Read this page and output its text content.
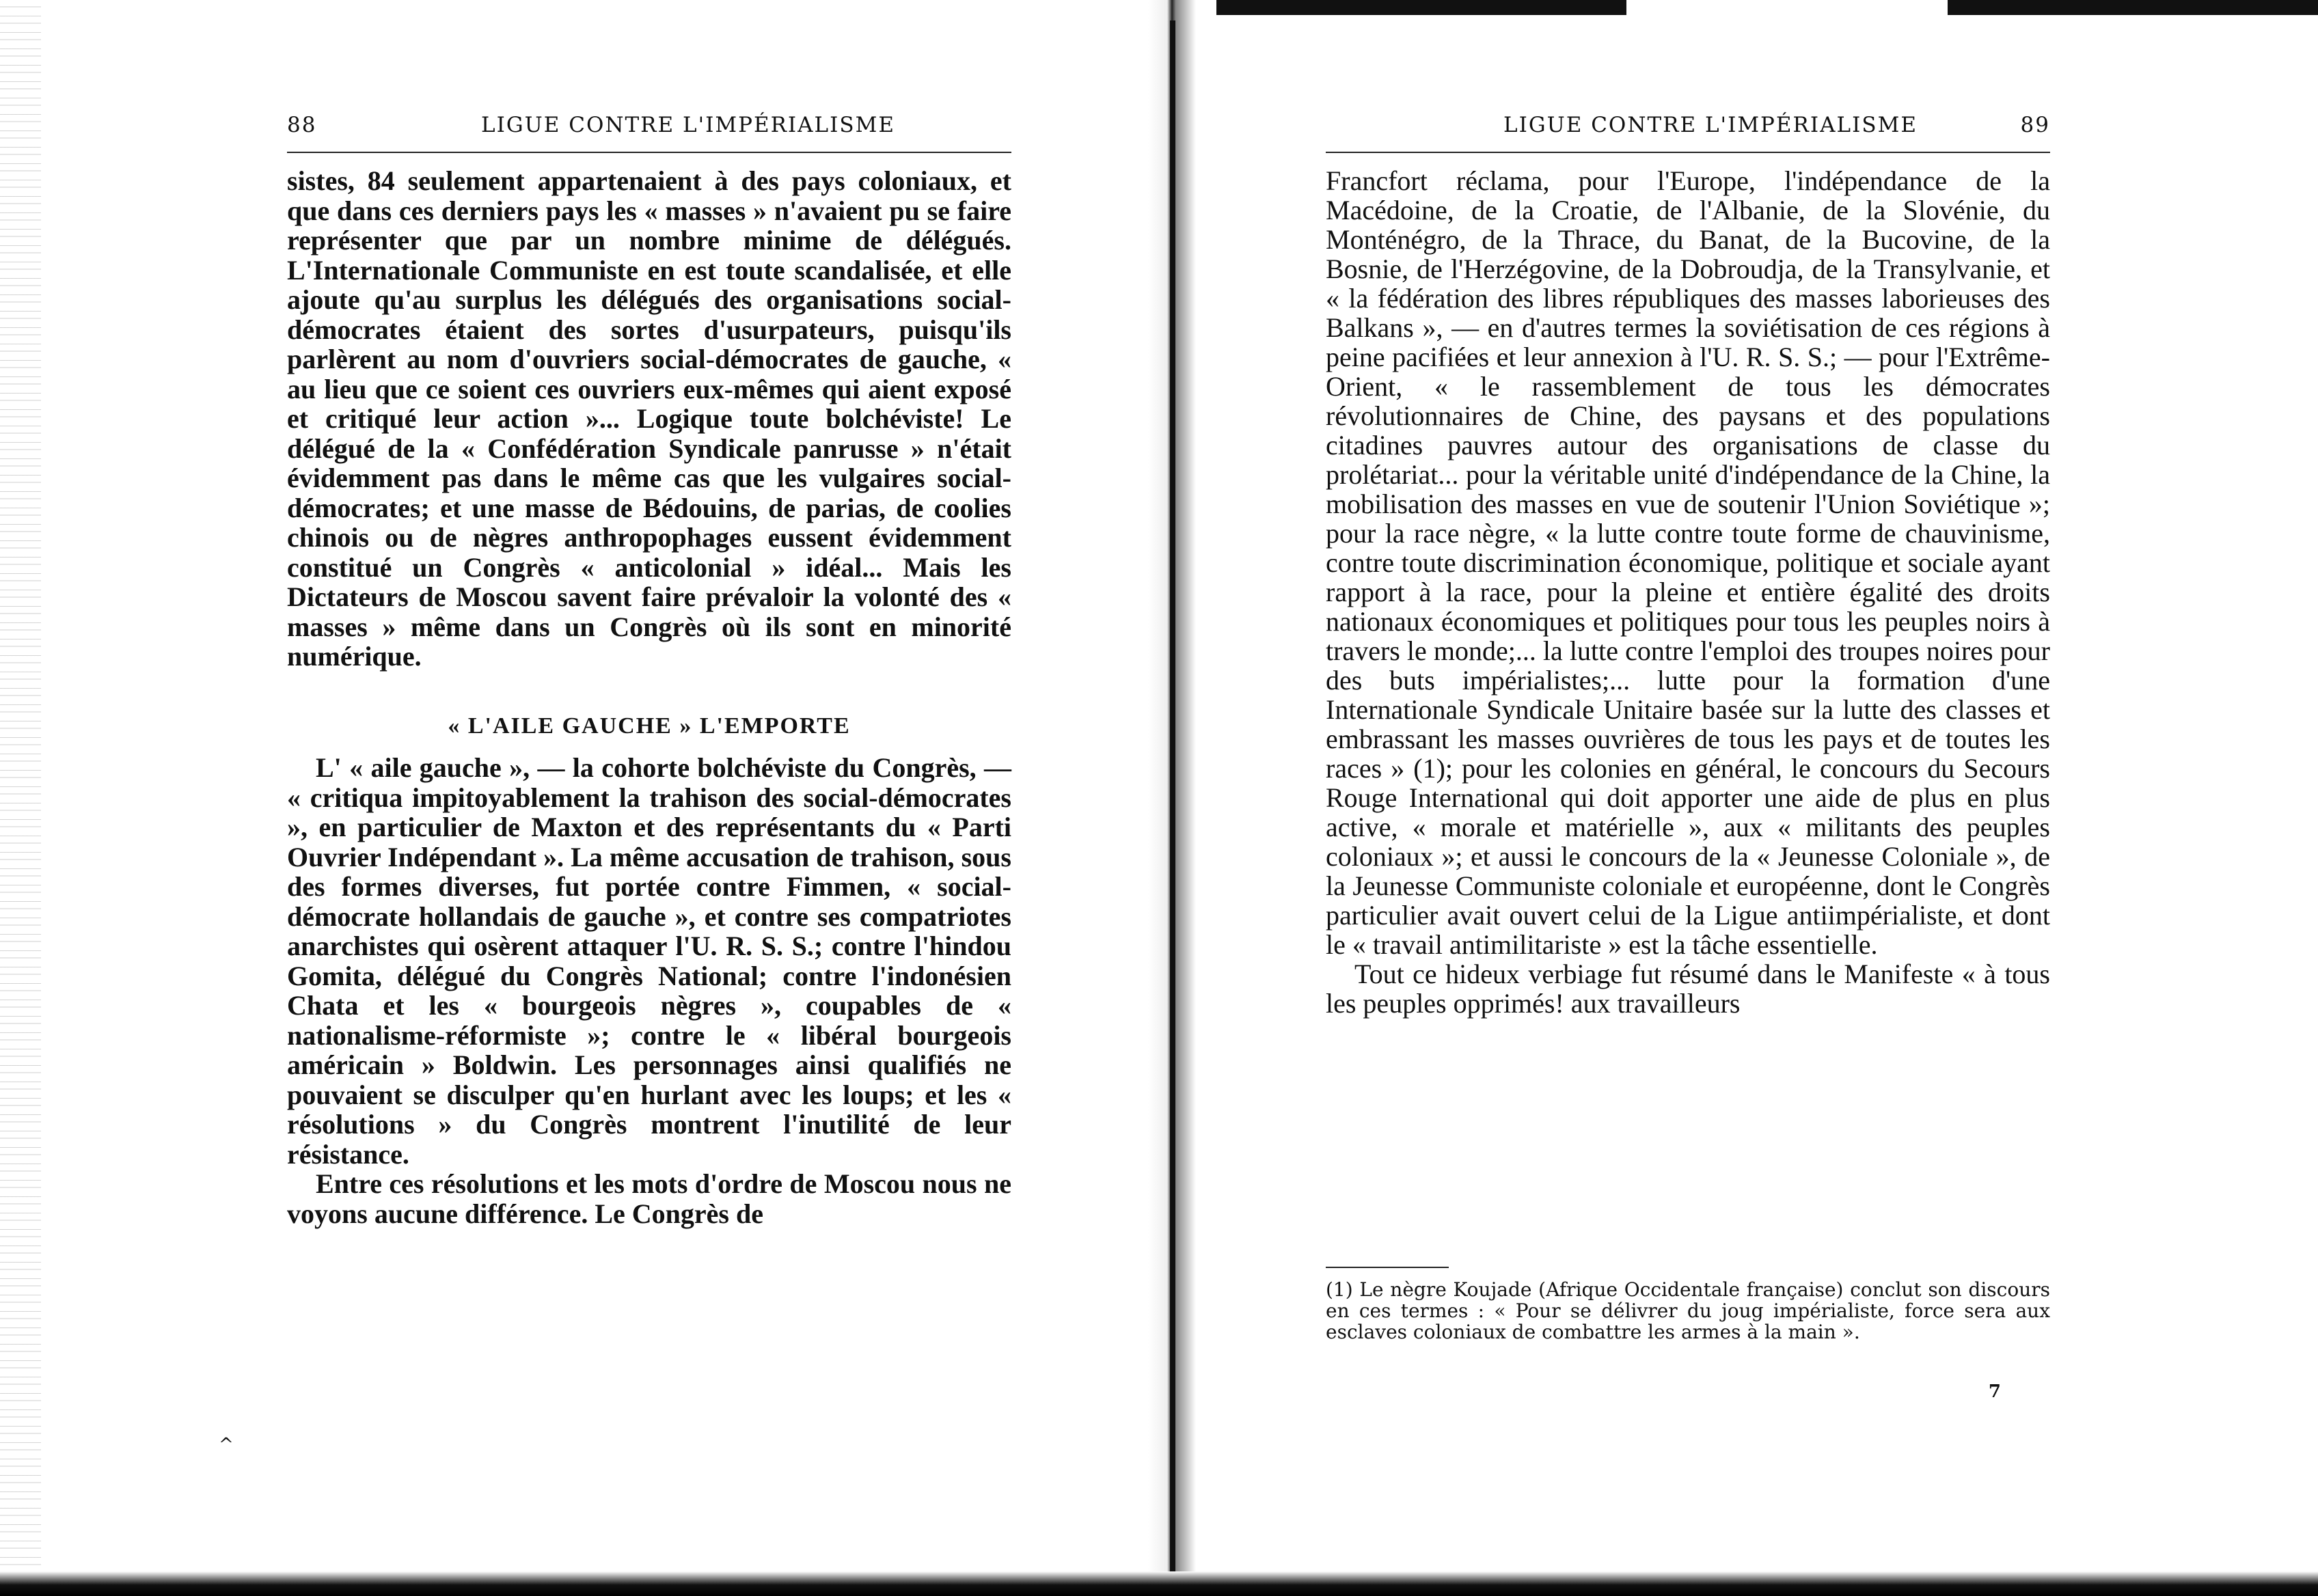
88	LIGUE CONTRE L'IMPÉRIALISME

sistes, 84 seulement appartenaient à des pays coloniaux, et que dans ces derniers pays les « masses » n'avaient pu se faire représenter que par un nombre minime de délégués. L'Internationale Communiste en est toute scandalisée, et elle ajoute qu'au surplus les délégués des organisations social-démocrates étaient des sortes d'usurpateurs, puisqu'ils parlèrent au nom d'ouvriers social-démocrates de gauche, « au lieu que ce soient ces ouvriers eux-mêmes qui aient exposé et critiqué leur action »... Logique toute bolchéviste! Le délégué de la « Confédération Syndicale panrusse » n'était évidemment pas dans le même cas que les vulgaires social-démocrates; et une masse de Bédouins, de parias, de coolies chinois ou de nègres anthropophages eussent évidemment constitué un Congrès « anticolonial » idéal... Mais les Dictateurs de Moscou savent faire prévaloir la volonté des « masses » même dans un Congrès où ils sont en minorité numérique.

« L'AILE GAUCHE » L'EMPORTE

L' « aile gauche », — la cohorte bolchéviste du Congrès, — « critiqua impitoyablement la trahison des social-démocrates », en particulier de Maxton et des représentants du « Parti Ouvrier Indépendant ». La même accusation de trahison, sous des formes diverses, fut portée contre Fimmen, « social-démocrate hollandais de gauche », et contre ses compatriotes anarchistes qui osèrent attaquer l'U. R. S. S.; contre l'hindou Gomita, délégué du Congrès National; contre l'indonésien Chata et les « bourgeois nègres », coupables de « nationalisme-réformiste »; contre le « libéral bourgeois américain » Boldwin. Les personnages ainsi qualifiés ne pouvaient se disculper qu'en hurlant avec les loups; et les « résolutions » du Congrès montrent l'inutilité de leur résistance.

Entre ces résolutions et les mots d'ordre de Moscou nous ne voyons aucune différence. Le Congrès de

^
LIGUE CONTRE L'IMPÉRIALISME	89

Francfort réclama, pour l'Europe, l'indépendance de la Macédoine, de la Croatie, de l'Albanie, de la Slovénie, du Monténégro, de la Thrace, du Banat, de la Bucovine, de la Bosnie, de l'Herzégovine, de la Dobroudja, de la Transylvanie, et « la fédération des libres républiques des masses laborieuses des Balkans », — en d'autres termes la soviétisation de ces régions à peine pacifiées et leur annexion à l'U. R. S. S.; — pour l'Extrême-Orient, « le rassemblement de tous les démocrates révolutionnaires de Chine, des paysans et des populations citadines pauvres autour des organisations de classe du prolétariat... pour la véritable unité d'indépendance de la Chine, la mobilisation des masses en vue de soutenir l'Union Soviétique »; pour la race nègre, « la lutte contre toute forme de chauvinisme, contre toute discrimination économique, politique et sociale ayant rapport à la race, pour la pleine et entière égalité des droits nationaux économiques et politiques pour tous les peuples noirs à travers le monde;... la lutte contre l'emploi des troupes noires pour des buts impérialistes;... lutte pour la formation d'une Internationale Syndicale Unitaire basée sur la lutte des classes et embrassant les masses ouvrières de tous les pays et de toutes les races » (1); pour les colonies en général, le concours du Secours Rouge International qui doit apporter une aide de plus en plus active, « morale et matérielle », aux « militants des peuples coloniaux »; et aussi le concours de la « Jeunesse Coloniale », de la Jeunesse Communiste coloniale et européenne, dont le Congrès particulier avait ouvert celui de la Ligue antiimpérialiste, et dont le « travail antimilitariste » est la tâche essentielle.

Tout ce hideux verbiage fut résumé dans le Manifeste « à tous les peuples opprimés! aux travailleurs

(1) Le nègre Koujade (Afrique Occidentale française) conclut son discours en ces termes : « Pour se délivrer du joug impérialiste, force sera aux esclaves coloniaux de combattre les armes à la main ».
7
